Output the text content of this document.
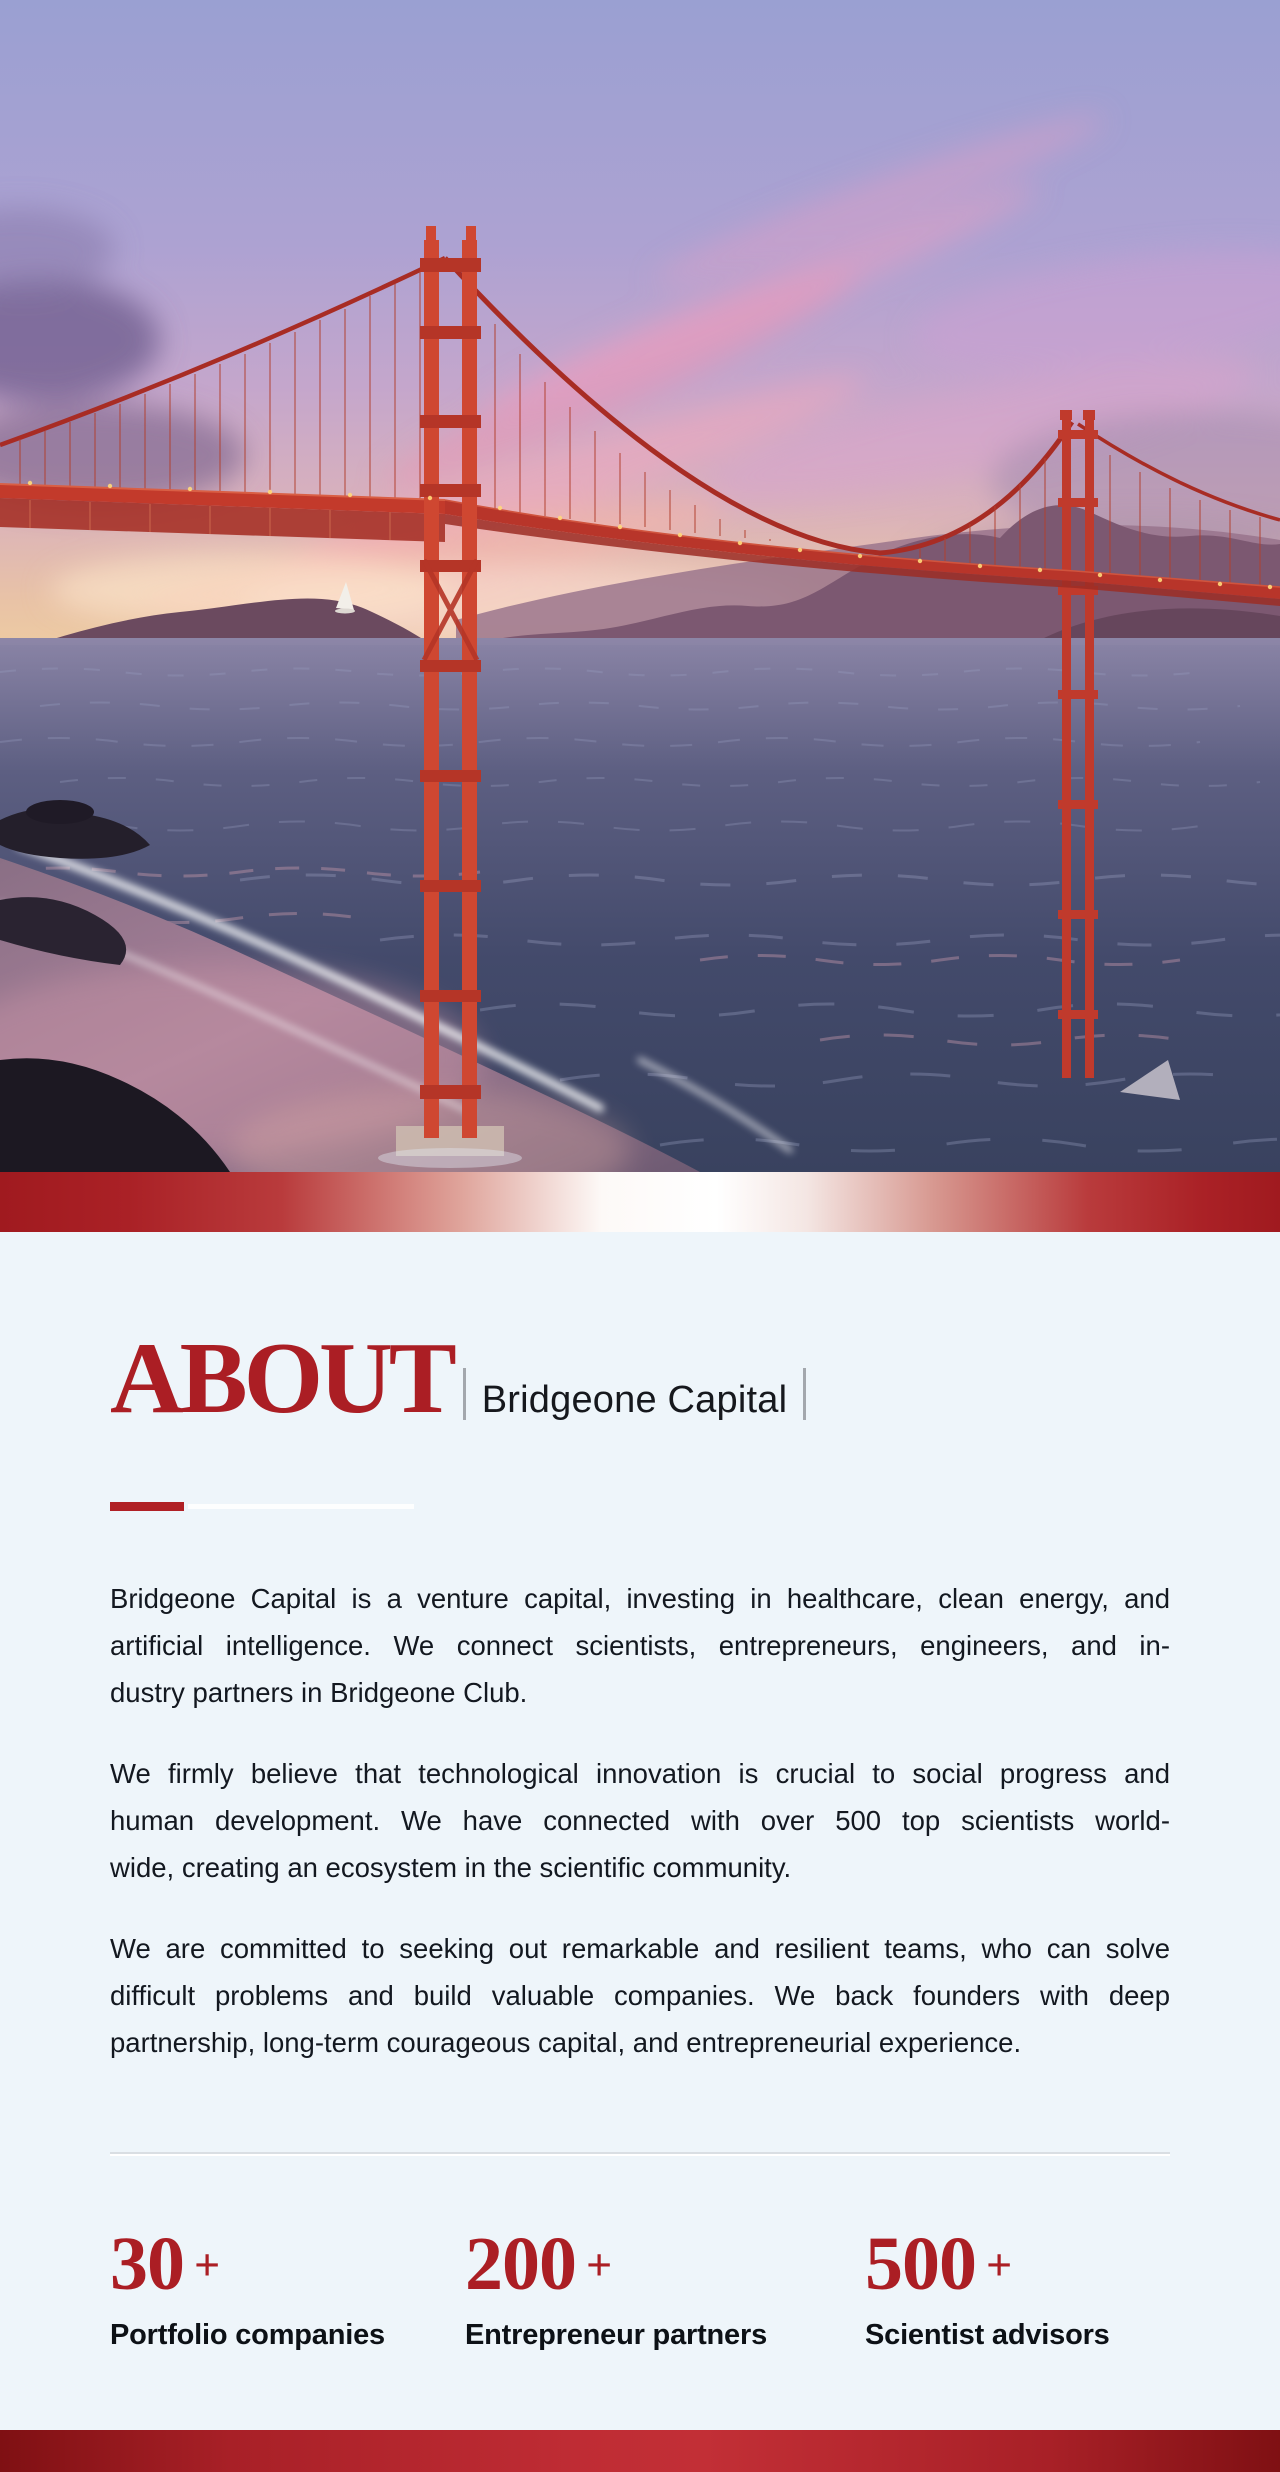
ABOUT Bridgeone Capital

Bridgeone Capital is a venture capital, investing in healthcare, clean energy, and
artificial intelligence. We connect scientists, entrepreneurs, engineers, and in-
dustry partners in Bridgeone Club.

We firmly believe that technological innovation is crucial to social progress and
human development. We have connected with over 500 top scientists world-
wide, creating an ecosystem in the scientific community.

We are committed to seeking out remarkable and resilient teams, who can solve
difficult problems and build valuable companies. We back founders with deep
partnership, long-term courageous capital, and entrepreneurial experience.

30 +
Portfolio companies
200 +
Entrepreneur partners
500 +
Scientist advisors
